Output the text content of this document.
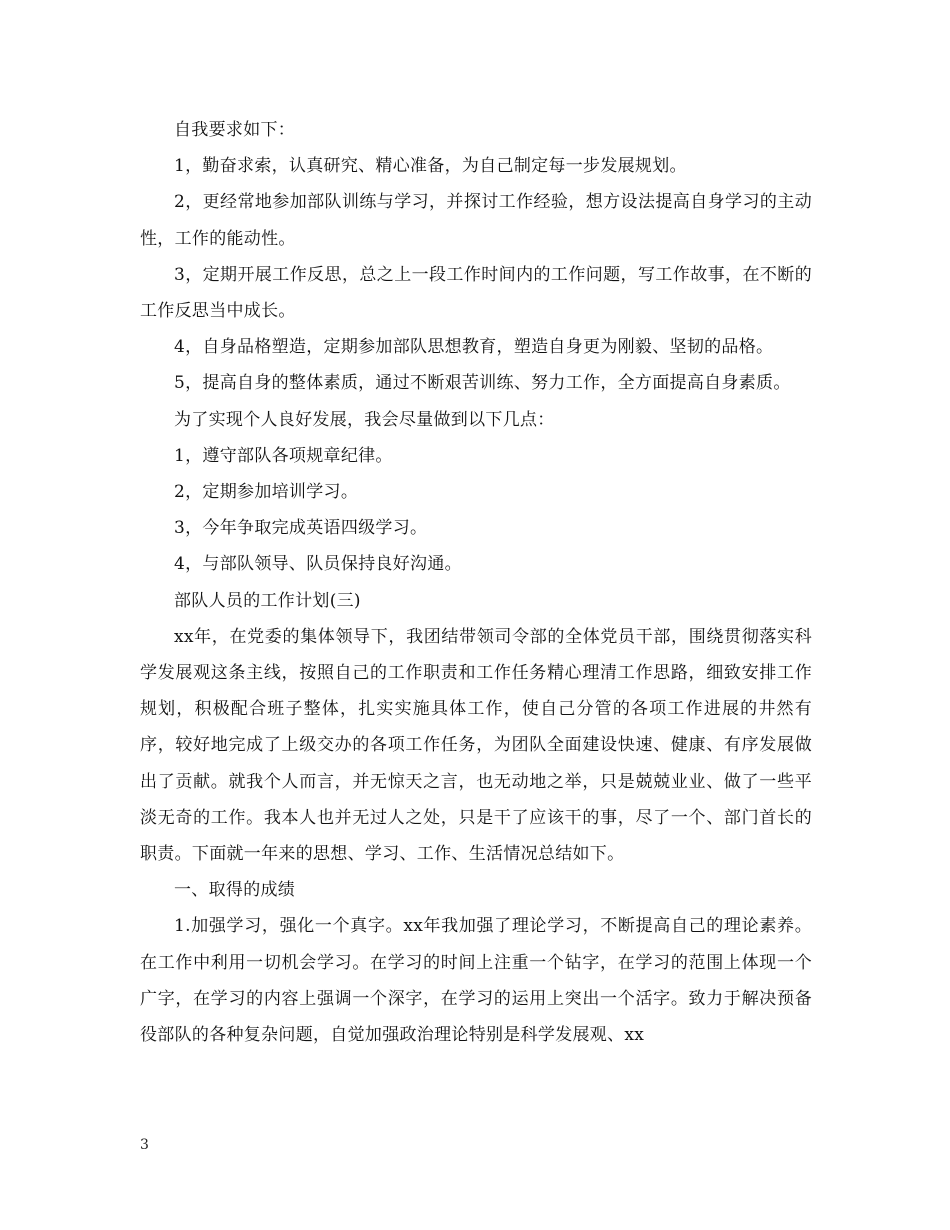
自我要求如下：

1，勤奋求索，认真研究、精心准备，为自己制定每一步发展规划。

2，更经常地参加部队训练与学习，并探讨工作经验，想方设法提高自身学习的主动性，工作的能动性。

3，定期开展工作反思，总之上一段工作时间内的工作问题，写工作故事，在不断的工作反思当中成长。

4，自身品格塑造，定期参加部队思想教育，塑造自身更为刚毅、坚韧的品格。

5，提高自身的整体素质，通过不断艰苦训练、努力工作，全方面提高自身素质。

为了实现个人良好发展，我会尽量做到以下几点：

1，遵守部队各项规章纪律。

2，定期参加培训学习。

3，今年争取完成英语四级学习。

4，与部队领导、队员保持良好沟通。

部队人员的工作计划(三)

xx年，在党委的集体领导下，我团结带领司令部的全体党员干部，围绕贯彻落实科学发展观这条主线，按照自己的工作职责和工作任务精心理清工作思路，细致安排工作规划，积极配合班子整体，扎实实施具体工作，使自己分管的各项工作进展的井然有序，较好地完成了上级交办的各项工作任务，为团队全面建设快速、健康、有序发展做出了贡献。就我个人而言，并无惊天之言，也无动地之举，只是兢兢业业、做了一些平淡无奇的工作。我本人也并无过人之处，只是干了应该干的事，尽了一个、部门首长的职责。下面就一年来的思想、学习、工作、生活情况总结如下。

一、取得的成绩

1.加强学习，强化一个真字。xx年我加强了理论学习，不断提高自己的理论素养。在工作中利用一切机会学习。在学习的时间上注重一个钻字，在学习的范围上体现一个广字，在学习的内容上强调一个深字，在学习的运用上突出一个活字。致力于解决预备役部队的各种复杂问题，自觉加强政治理论特别是科学发展观、xx

3
